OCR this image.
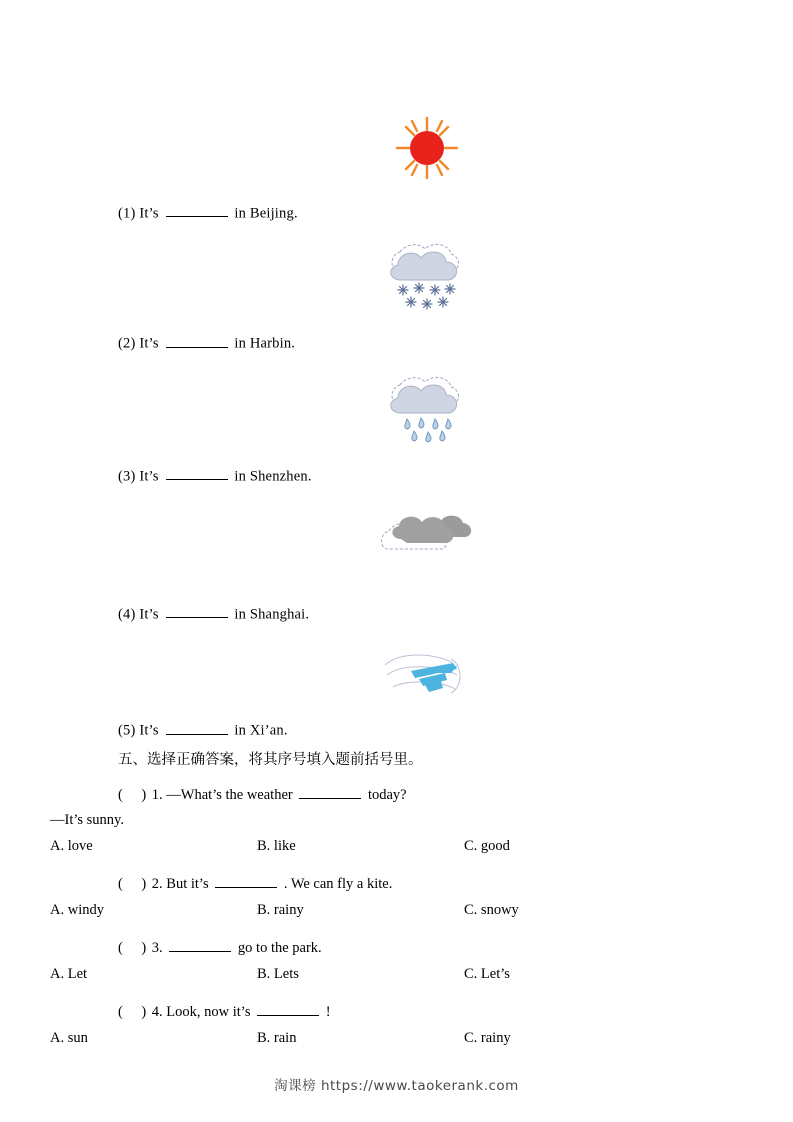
(1) It’s	in Beijing.
(2) It’s	in Harbin.
(3) It’s	in Shenzhen.
(4) It’s	in Shanghai.
(5) It’s	in Xi’an.
五、选择正确答案，将其序号填入题前括号里。
(　) 1. —What’s the weather	today?
—It’s sunny.
A. love	B. like	C. good
(　) 2. But it’s	. We can fly a kite.
A. windy	B. rainy	C. snowy
(　) 3.	go to the park.
A. Let	B. Lets	C. Let’s
(　) 4. Look, now it’s	!
A. sun	B. rain	C. rainy
淘课榜 https://www.taokerank.com
